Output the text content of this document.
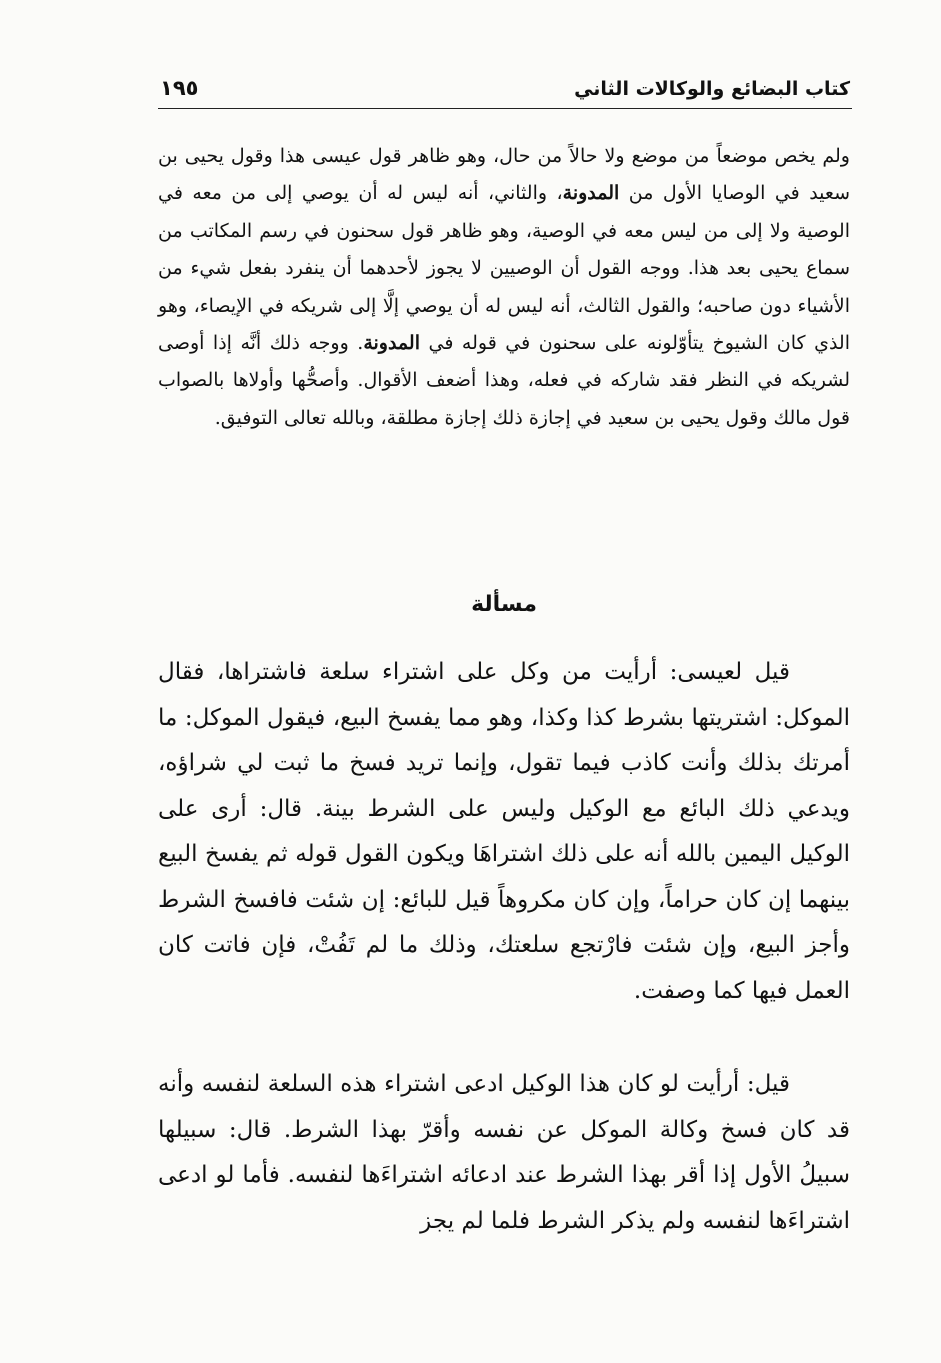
كتاب البضائع والوكالات الثاني
١٩٥

ولم يخص موضعاً من موضع ولا حالاً من حال، وهو ظاهر قول عيسى هذا وقول يحيى بن سعيد في الوصايا الأول من المدونة، والثاني، أنه ليس له أن يوصي إلى من معه في الوصية ولا إلى من ليس معه في الوصية، وهو ظاهر قول سحنون في رسم المكاتب من سماع يحيى بعد هذا. ووجه القول أن الوصيين لا يجوز لأحدهما أن ينفرد بفعل شيء من الأشياء دون صاحبه؛ والقول الثالث، أنه ليس له أن يوصي إلَّا إلى شريكه في الإيصاء، وهو الذي كان الشيوخ يتأوّلونه على سحنون في قوله في المدونة. ووجه ذلك أنَّه إذا أوصى لشريكه في النظر فقد شاركه في فعله، وهذا أضعف الأقوال. وأصحُّها وأولاها بالصواب قول مالك وقول يحيى بن سعيد في إجازة ذلك إجازة مطلقة، وبالله تعالى التوفيق.

مسألة

قيل لعيسى: أرأيت من وكل على اشتراء سلعة فاشتراها، فقال الموكل: اشتريتها بشرط كذا وكذا، وهو مما يفسخ البيع، فيقول الموكل: ما أمرتك بذلك وأنت كاذب فيما تقول، وإنما تريد فسخ ما ثبت لي شراؤه، ويدعي ذلك البائع مع الوكيل وليس على الشرط بينة. قال: أرى على الوكيل اليمين بالله أنه على ذلك اشتراهَا ويكون القول قوله ثم يفسخ البيع بينهما إن كان حراماً، وإن كان مكروهاً قيل للبائع: إن شئت فافسخ الشرط وأجز البيع، وإن شئت فارْتجع سلعتك، وذلك ما لم تَفُتْ، فإن فاتت كان العمل فيها كما وصفت.

قيل: أرأيت لو كان هذا الوكيل ادعى اشتراء هذه السلعة لنفسه وأنه قد كان فسخ وكالة الموكل عن نفسه وأقرّ بهذا الشرط. قال: سبيلها سبيلُ الأول إذا أقر بهذا الشرط عند ادعائه اشتراءَها لنفسه. فأما لو ادعى اشتراءَها لنفسه ولم يذكر الشرط فلما لم يجز
